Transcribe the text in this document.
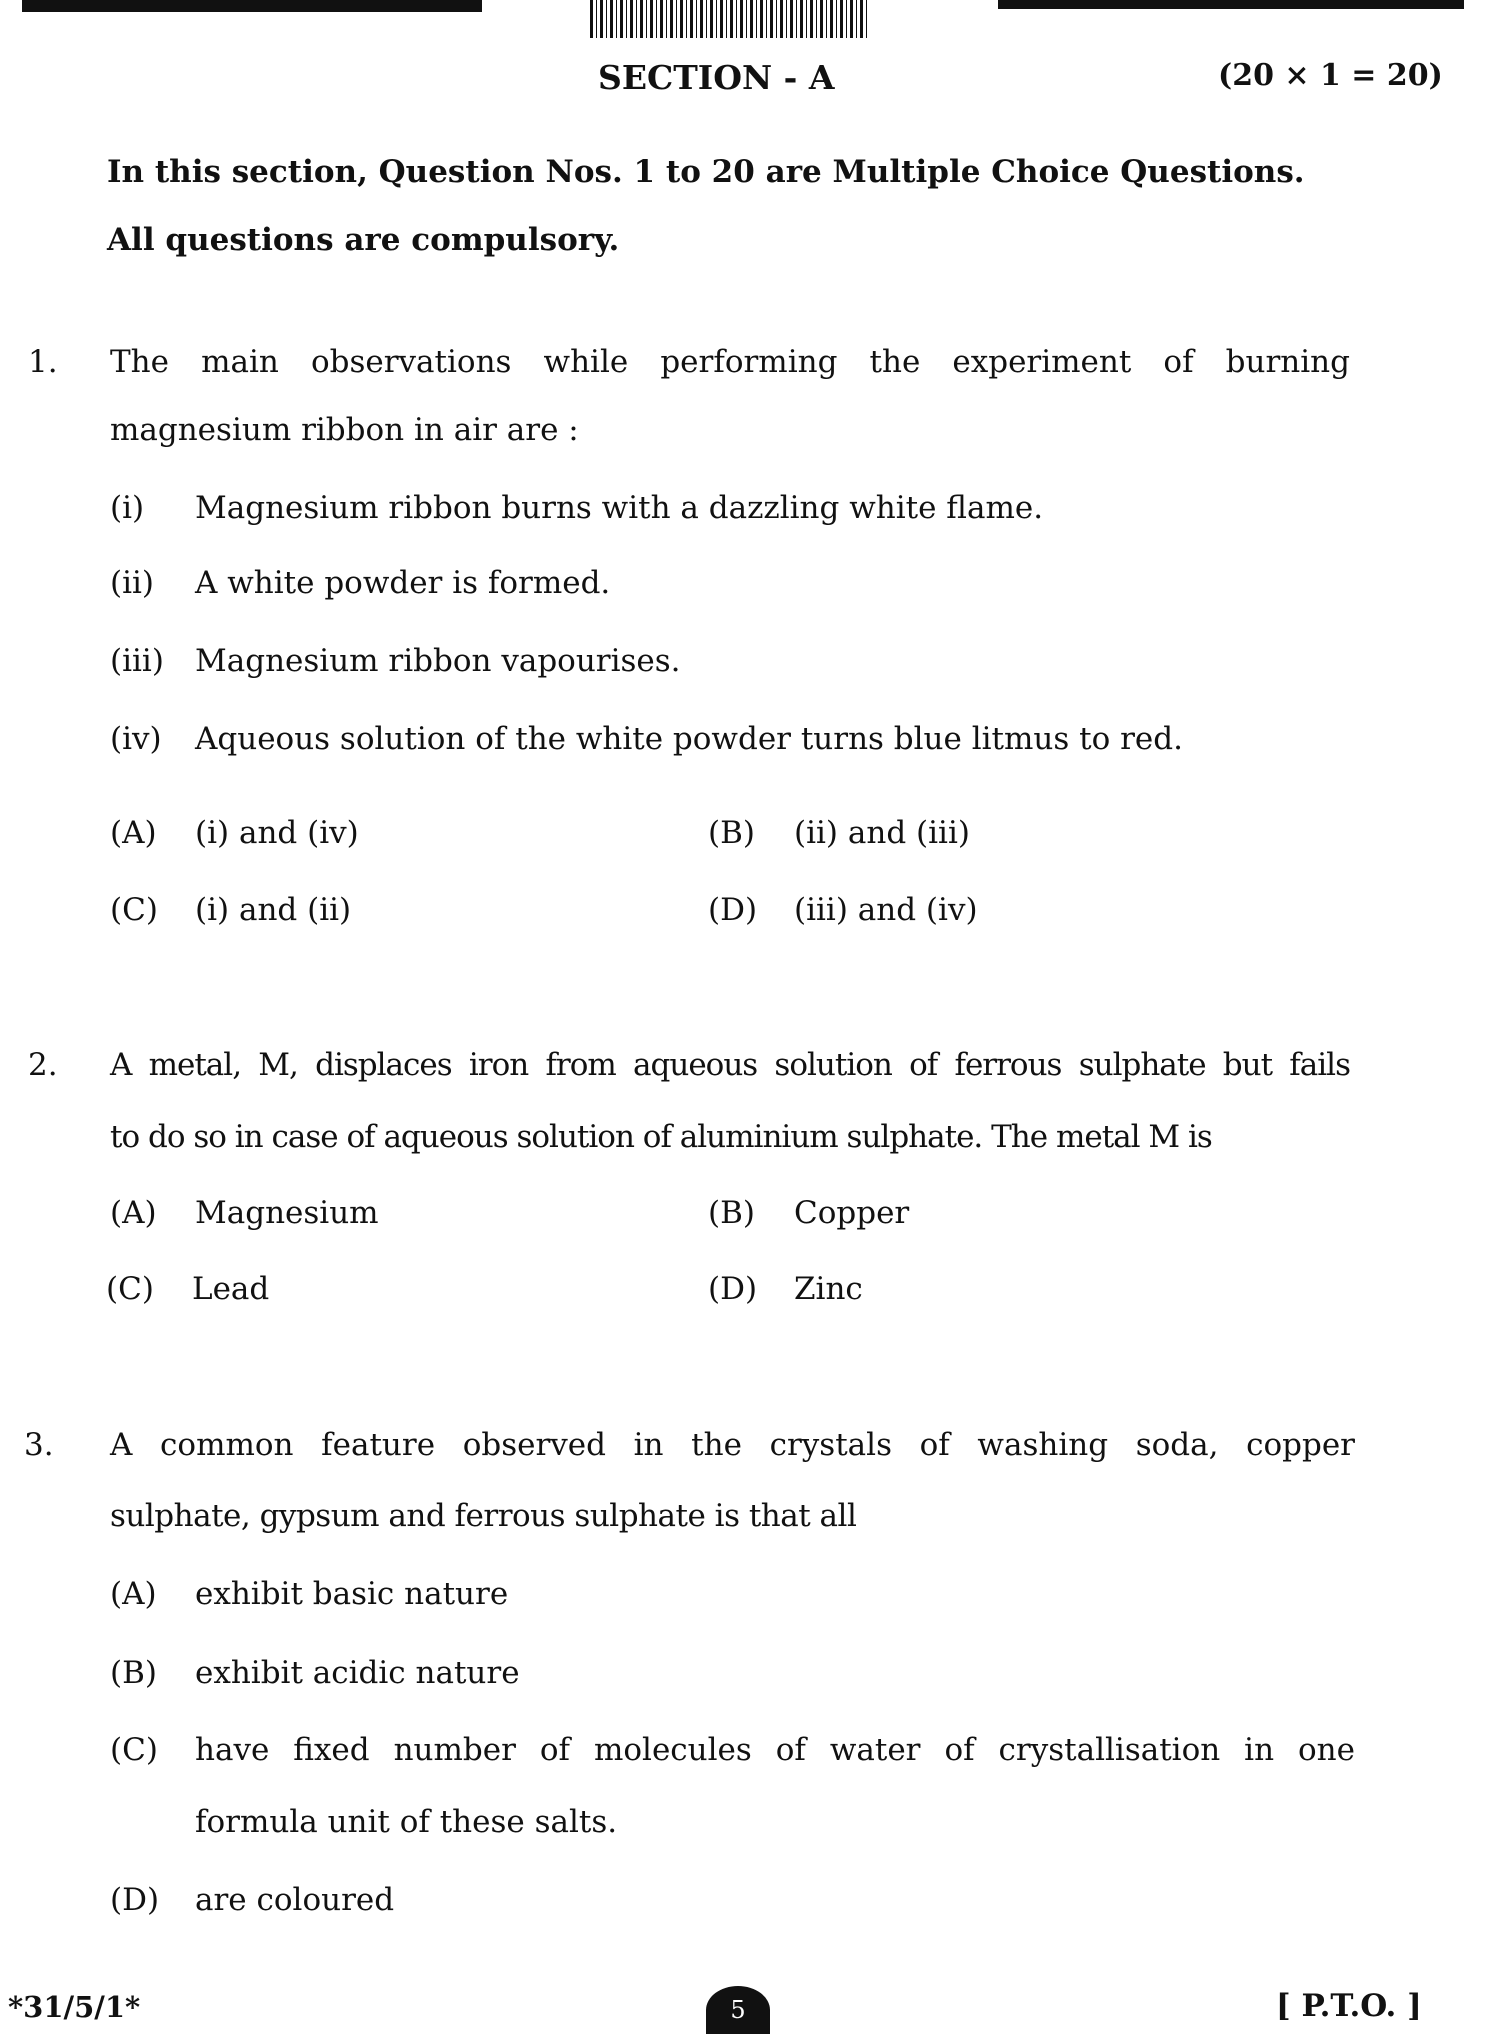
SECTION - A	(20 × 1 = 20)
In this section, Question Nos. 1 to 20 are Multiple Choice Questions.
All questions are compulsory.
1. The main observations while performing the experiment of burning
magnesium ribbon in air are :
(i) Magnesium ribbon burns with a dazzling white flame.
(ii) A white powder is formed.
(iii) Magnesium ribbon vapourises.
(iv) Aqueous solution of the white powder turns blue litmus to red.
(A) (i) and (iv)	(B) (ii) and (iii)
(C) (i) and (ii)	(D) (iii) and (iv)
2. A metal, M, displaces iron from aqueous solution of ferrous sulphate but fails
to do so in case of aqueous solution of aluminium sulphate. The metal M is
(A) Magnesium	(B) Copper
(C) Lead	(D) Zinc
3. A common feature observed in the crystals of washing soda, copper
sulphate, gypsum and ferrous sulphate is that all
(A) exhibit basic nature
(B) exhibit acidic nature
(C) have fixed number of molecules of water of crystallisation in one
formula unit of these salts.
(D) are coloured
*31/5/1*	5	[ P.T.O. ]
